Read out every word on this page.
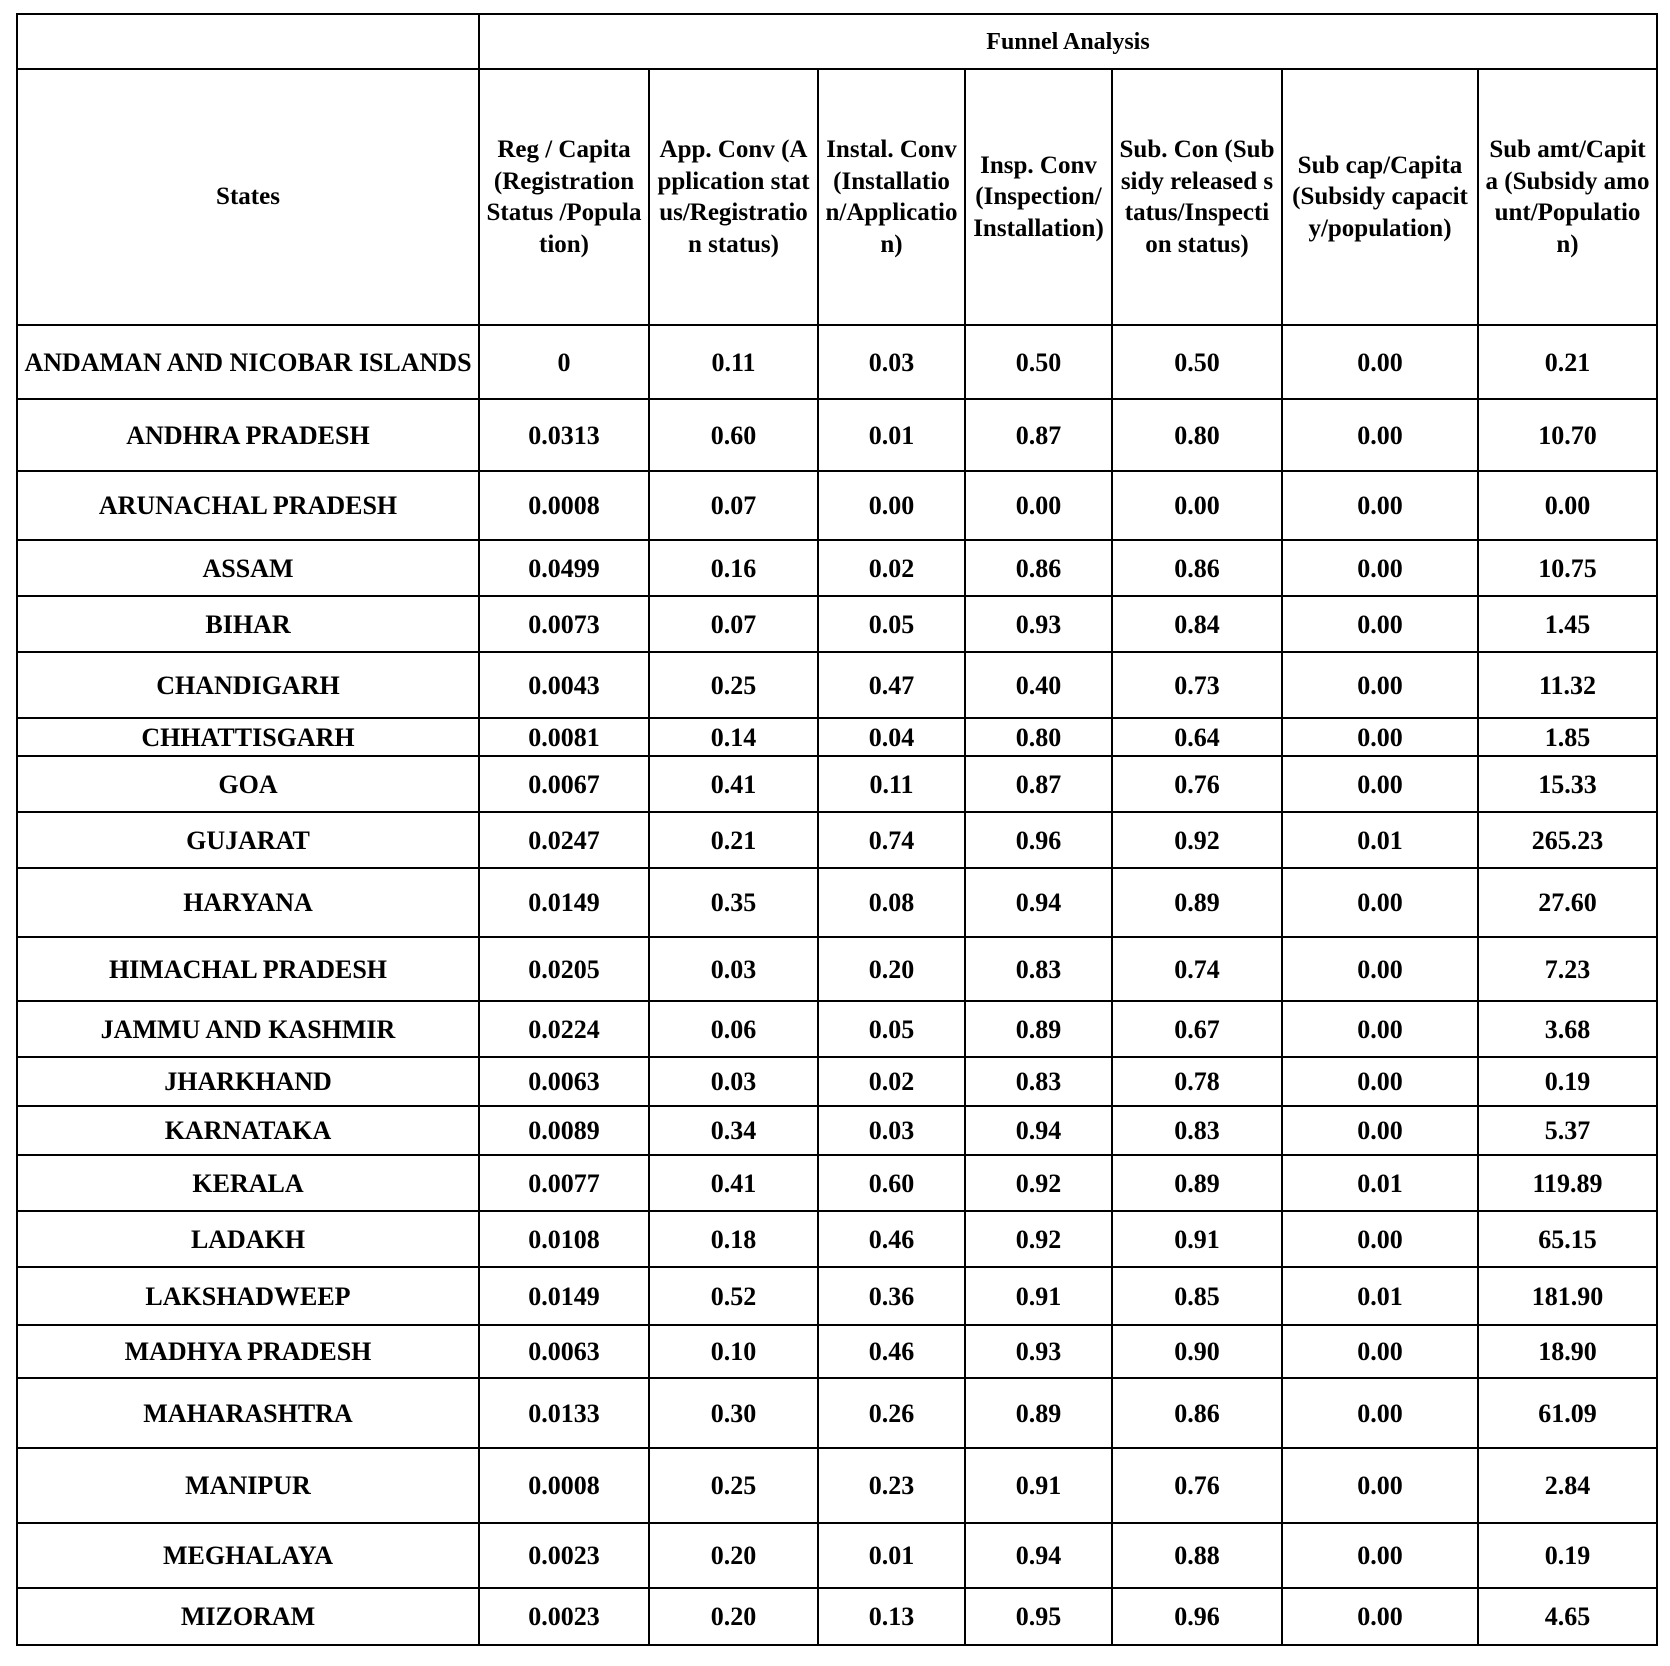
	Funnel Analysis						
States	Reg / Capita (Registration Status /Population)	App. Conv (Application status/Registration status)	Instal. Conv (Installation/Application)	Insp. Conv (Inspection/Installation)	Sub. Con (Subsidy released status/Inspection status)	Sub cap/Capita (Subsidy capacity/population)	Sub amt/Capita (Subsidy amount/Population)
ANDAMAN AND NICOBAR ISLANDS	0	0.11	0.03	0.50	0.50	0.00	0.21
ANDHRA PRADESH	0.0313	0.60	0.01	0.87	0.80	0.00	10.70
ARUNACHAL PRADESH	0.0008	0.07	0.00	0.00	0.00	0.00	0.00
ASSAM	0.0499	0.16	0.02	0.86	0.86	0.00	10.75
BIHAR	0.0073	0.07	0.05	0.93	0.84	0.00	1.45
CHANDIGARH	0.0043	0.25	0.47	0.40	0.73	0.00	11.32
CHHATTISGARH	0.0081	0.14	0.04	0.80	0.64	0.00	1.85
GOA	0.0067	0.41	0.11	0.87	0.76	0.00	15.33
GUJARAT	0.0247	0.21	0.74	0.96	0.92	0.01	265.23
HARYANA	0.0149	0.35	0.08	0.94	0.89	0.00	27.60
HIMACHAL PRADESH	0.0205	0.03	0.20	0.83	0.74	0.00	7.23
JAMMU AND KASHMIR	0.0224	0.06	0.05	0.89	0.67	0.00	3.68
JHARKHAND	0.0063	0.03	0.02	0.83	0.78	0.00	0.19
KARNATAKA	0.0089	0.34	0.03	0.94	0.83	0.00	5.37
KERALA	0.0077	0.41	0.60	0.92	0.89	0.01	119.89
LADAKH	0.0108	0.18	0.46	0.92	0.91	0.00	65.15
LAKSHADWEEP	0.0149	0.52	0.36	0.91	0.85	0.01	181.90
MADHYA PRADESH	0.0063	0.10	0.46	0.93	0.90	0.00	18.90
MAHARASHTRA	0.0133	0.30	0.26	0.89	0.86	0.00	61.09
MANIPUR	0.0008	0.25	0.23	0.91	0.76	0.00	2.84
MEGHALAYA	0.0023	0.20	0.01	0.94	0.88	0.00	0.19
MIZORAM	0.0023	0.20	0.13	0.95	0.96	0.00	4.65
